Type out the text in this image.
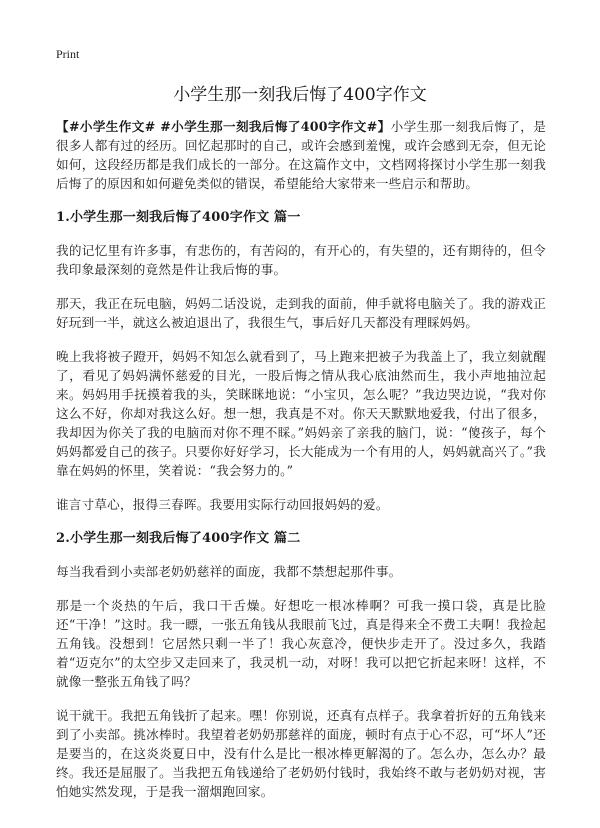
Print
小学生那一刻我后悔了400字作文

【#小学生作文# #小学生那一刻我后悔了400字作文#】小学生那一刻我后悔了，是很多人都有过的经历。回忆起那时的自己，或许会感到羞愧，或许会感到无奈，但无论如何，这段经历都是我们成长的一部分。在这篇作文中，文档网将探讨小学生那一刻我后悔了的原因和如何避免类似的错误，希望能给大家带来一些启示和帮助。

1.小学生那一刻我后悔了400字作文 篇一

我的记忆里有许多事，有悲伤的，有苦闷的，有开心的，有失望的，还有期待的，但令我印象最深刻的竟然是件让我后悔的事。

那天，我正在玩电脑，妈妈二话没说，走到我的面前，伸手就将电脑关了。我的游戏正好玩到一半，就这么被迫退出了，我很生气，事后好几天都没有理睬妈妈。

晚上我将被子蹬开，妈妈不知怎么就看到了，马上跑来把被子为我盖上了，我立刻就醒了，看见了妈妈满怀慈爱的目光，一股后悔之情从我心底油然而生，我小声地抽泣起来。妈妈用手抚摸着我的头，笑眯眯地说：“小宝贝，怎么呢？”我边哭边说，“我对你这么不好，你却对我这么好。想一想，我真是不对。你天天默默地爱我，付出了很多，我却因为你关了我的电脑而对你不理不睬。”妈妈亲了亲我的脑门，说：“傻孩子，每个妈妈都爱自己的孩子。只要你好好学习，长大能成为一个有用的人，妈妈就高兴了。”我靠在妈妈的怀里，笑着说：“我会努力的。”

谁言寸草心，报得三春晖。我要用实际行动回报妈妈的爱。

2.小学生那一刻我后悔了400字作文 篇二

每当我看到小卖部老奶奶慈祥的面庞，我都不禁想起那件事。

那是一个炎热的午后，我口干舌燥。好想吃一根冰棒啊？可我一摸口袋，真是比脸还“干净！”这时。我一瞟，一张五角钱从我眼前飞过，真是得来全不费工夫啊！我捡起五角钱。没想到！它居然只剩一半了！我心灰意冷，便快步走开了。没过多久，我踏着“迈克尔”的太空步又走回来了，我灵机一动，对呀！我可以把它折起来呀！这样，不就像一整张五角钱了吗？

说干就干。我把五角钱折了起来。嘿！你别说，还真有点样子。我拿着折好的五角钱来到了小卖部。挑冰棒时。我望着老奶奶那慈祥的面庞，顿时有点于心不忍，可“坏人”还是要当的，在这炎炎夏日中，没有什么是比一根冰棒更解渴的了。怎么办，怎么办？最终。我还是屈服了。当我把五角钱递给了老奶奶付钱时，我始终不敢与老奶奶对视，害怕她实然发现，于是我一溜烟跑回家。
